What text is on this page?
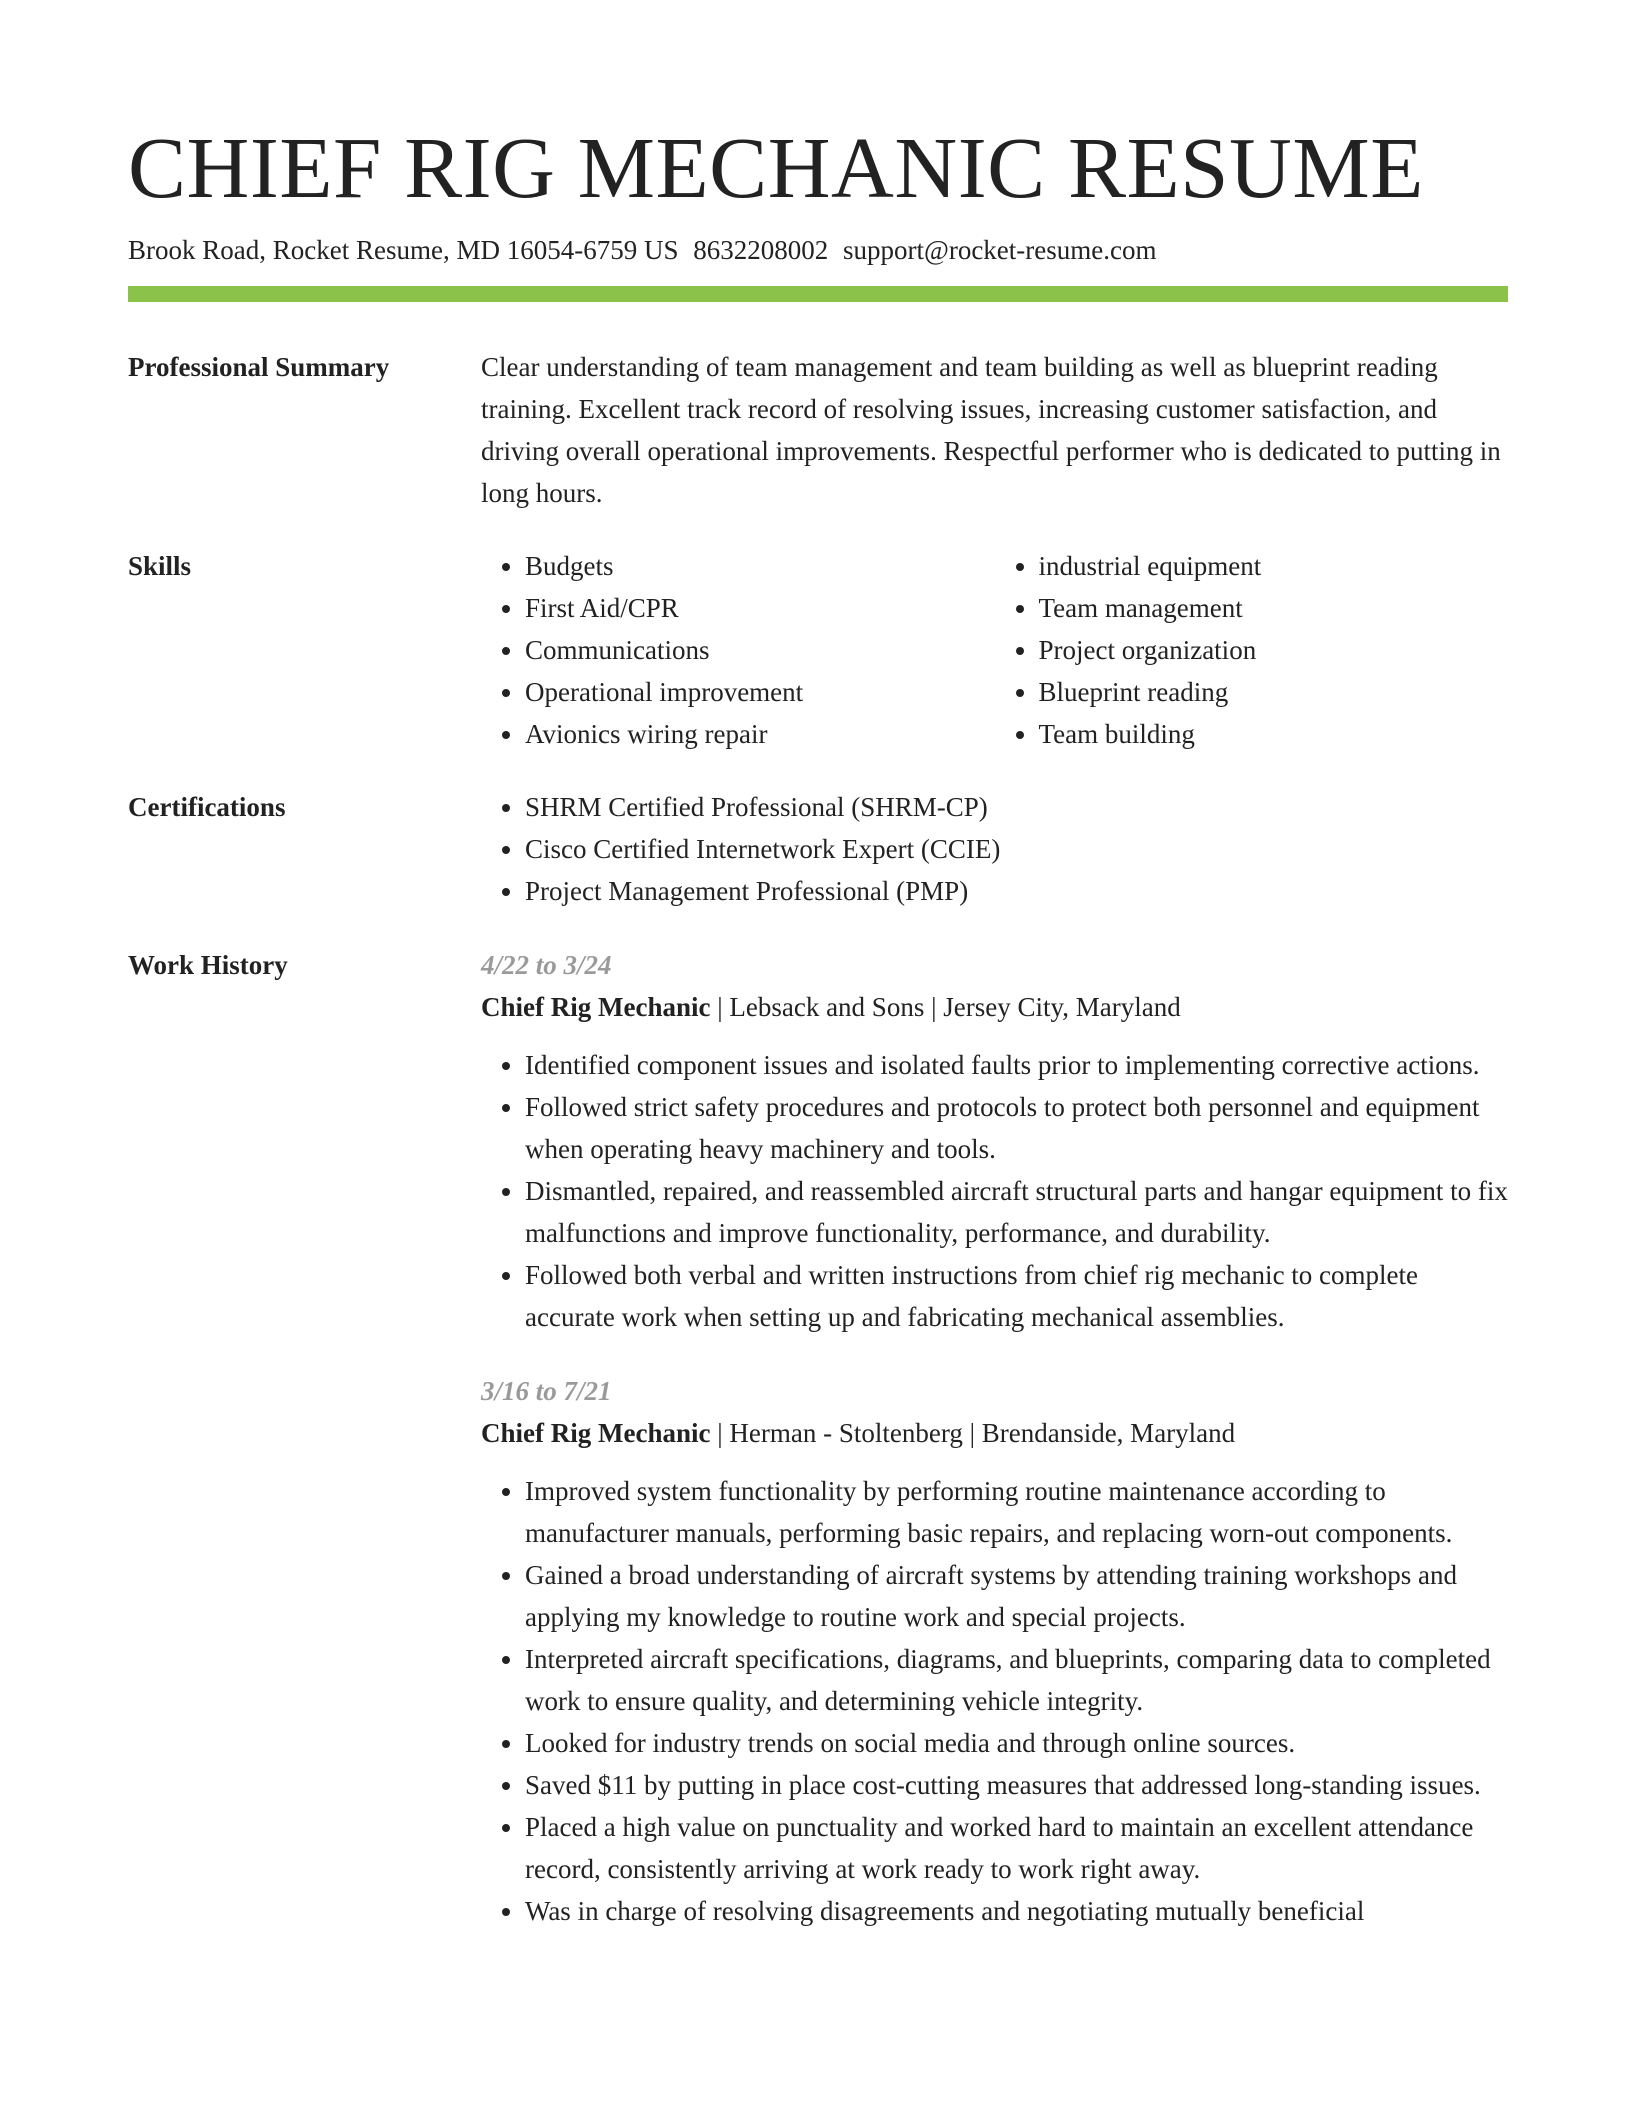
CHIEF RIG MECHANIC RESUME
Brook Road, Rocket Resume, MD 16054-6759 US 8632208002 support@rocket-resume.com
Professional Summary	Clear understanding of team management and team building as well as blueprint reading training. Excellent track record of resolving issues, increasing customer satisfaction, and driving overall operational improvements. Respectful performer who is dedicated to putting in long hours.

Skills	• Budgets
• First Aid/CPR
• Communications
• Operational improvement
• Avionics wiring repair
• industrial equipment
• Team management
• Project organization
• Blueprint reading
• Team building
Certifications	• SHRM Certified Professional (SHRM-CP)
• Cisco Certified Internetwork Expert (CCIE)
• Project Management Professional (PMP)
Work History	4/22 to 3/24
Chief Rig Mechanic | Lebsack and Sons | Jersey City, Maryland
• Identified component issues and isolated faults prior to implementing corrective actions.
• Followed strict safety procedures and protocols to protect both personnel and equipment when operating heavy machinery and tools.
• Dismantled, repaired, and reassembled aircraft structural parts and hangar equipment to fix malfunctions and improve functionality, performance, and durability.
• Followed both verbal and written instructions from chief rig mechanic to complete accurate work when setting up and fabricating mechanical assemblies.
3/16 to 7/21
Chief Rig Mechanic | Herman - Stoltenberg | Brendanside, Maryland
• Improved system functionality by performing routine maintenance according to manufacturer manuals, performing basic repairs, and replacing worn-out components.
• Gained a broad understanding of aircraft systems by attending training workshops and applying my knowledge to routine work and special projects.
• Interpreted aircraft specifications, diagrams, and blueprints, comparing data to completed work to ensure quality, and determining vehicle integrity.
• Looked for industry trends on social media and through online sources.
• Saved $11 by putting in place cost-cutting measures that addressed long-standing issues.
• Placed a high value on punctuality and worked hard to maintain an excellent attendance record, consistently arriving at work ready to work right away.
• Was in charge of resolving disagreements and negotiating mutually beneficial
